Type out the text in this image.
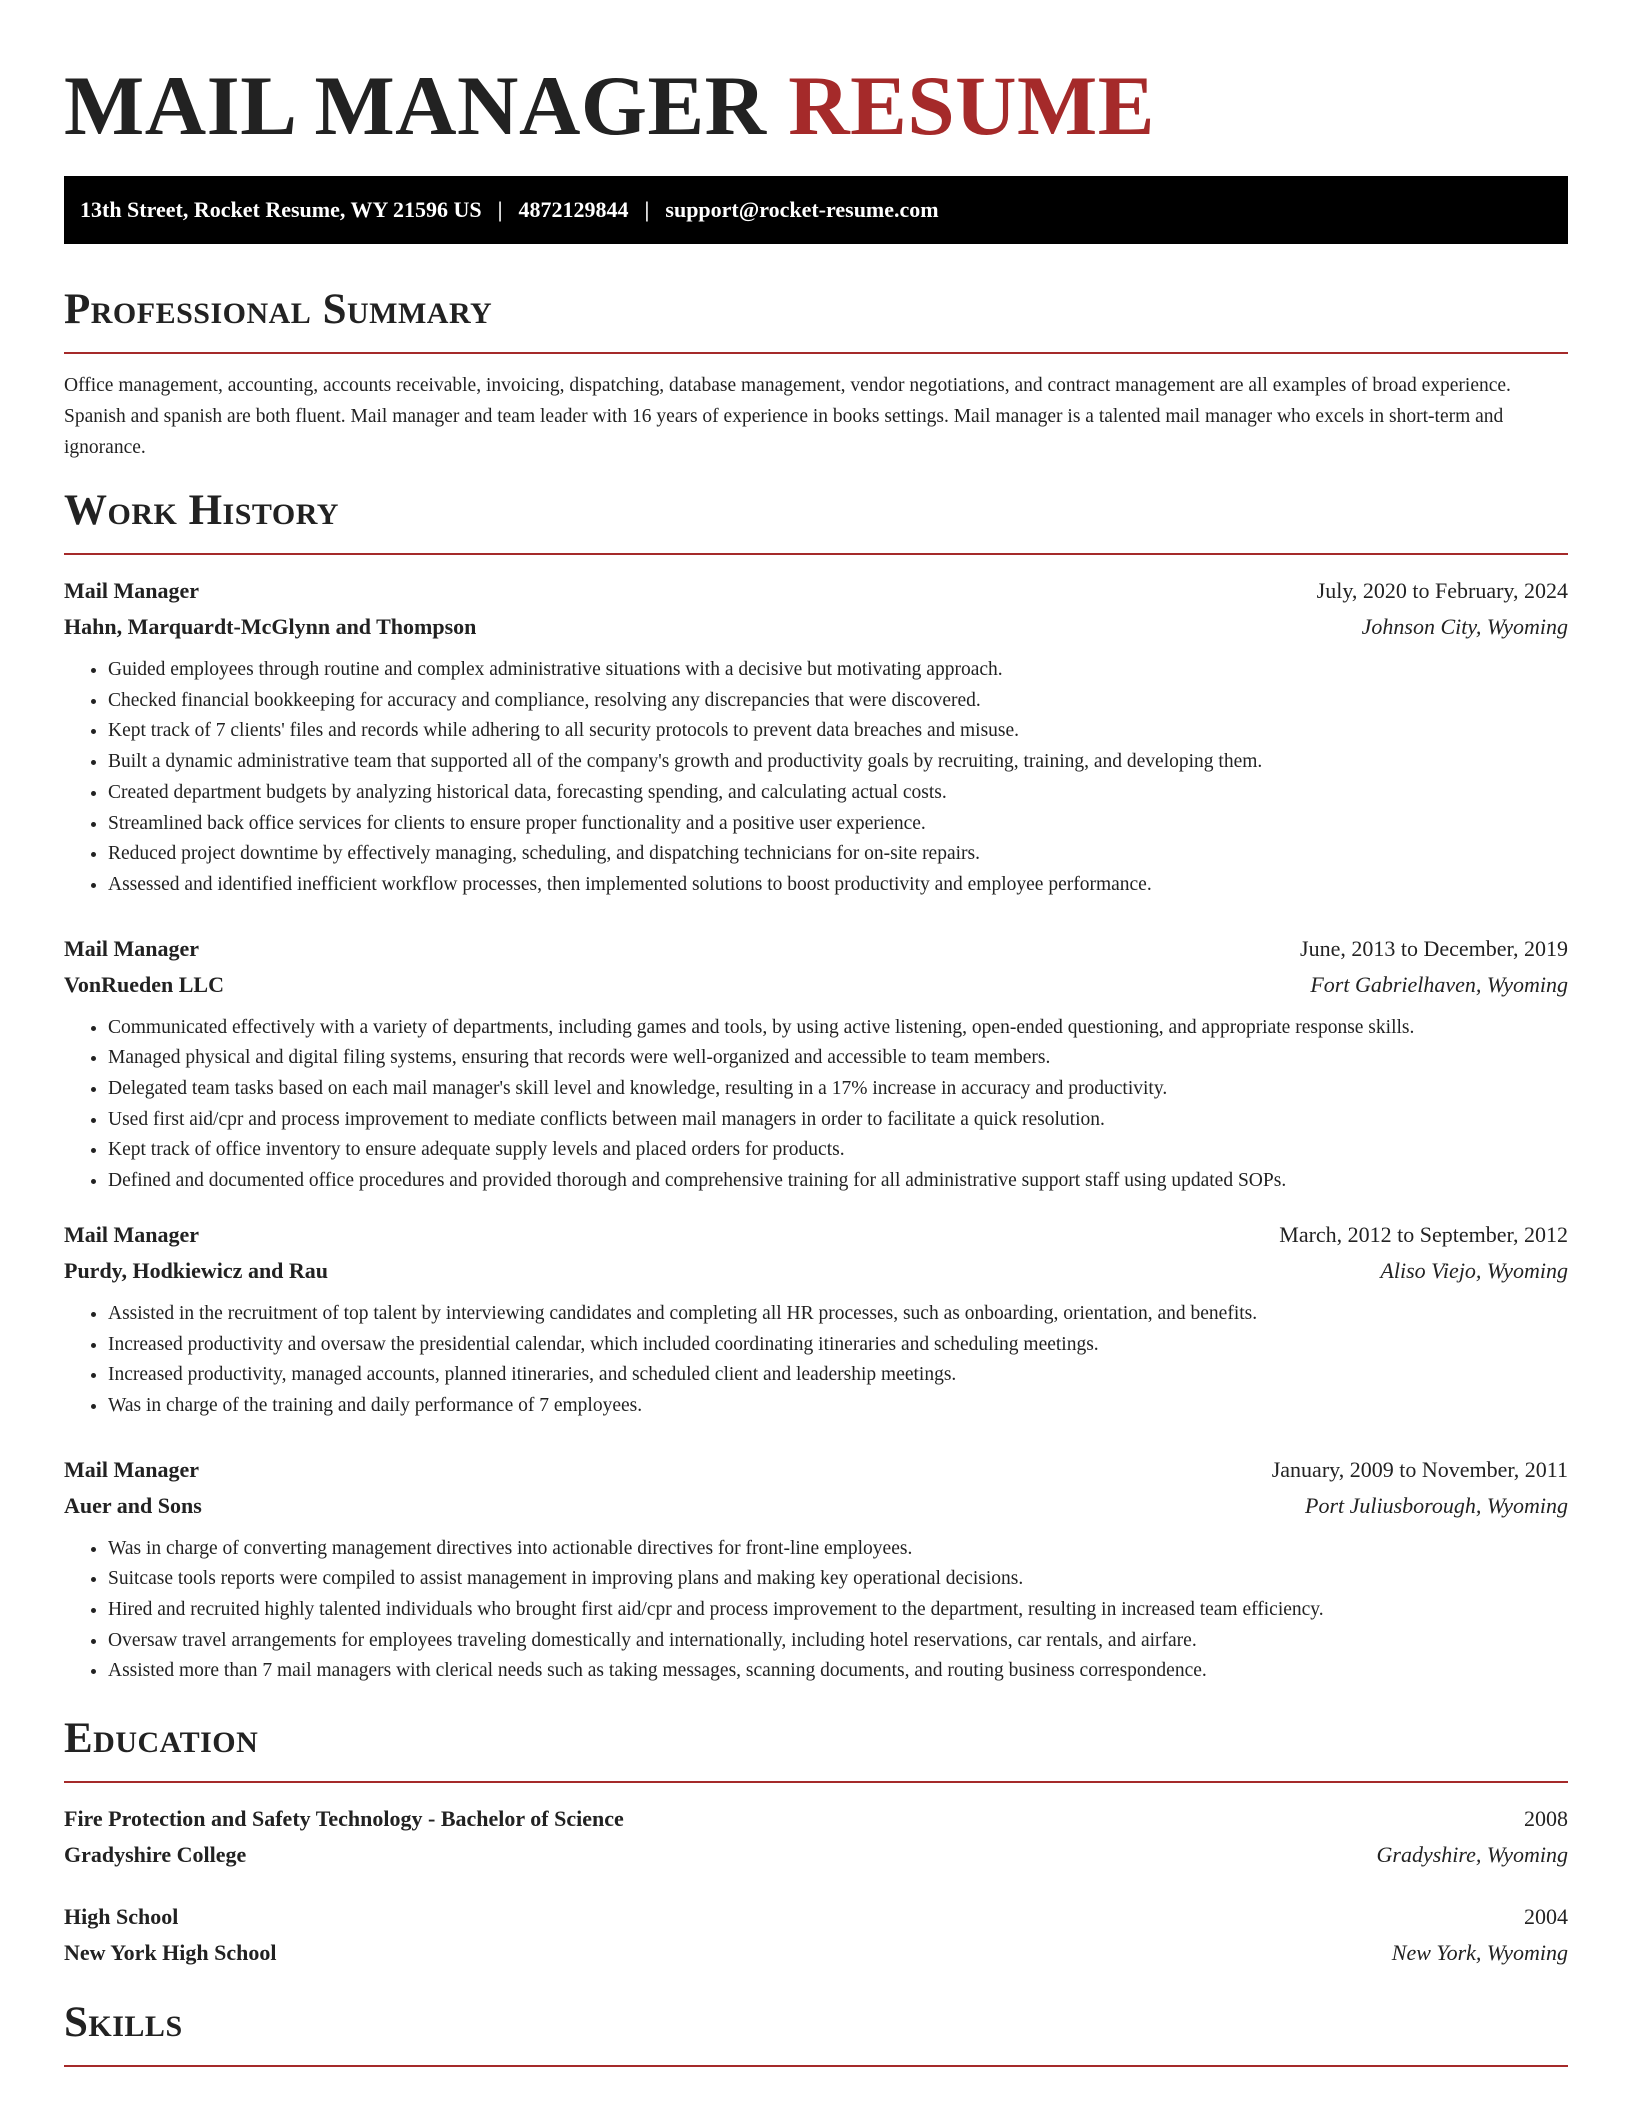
MAIL MANAGER RESUME
13th Street, Rocket Resume, WY 21596 US | 4872129844 | support@rocket-resume.com
Professional Summary

Office management, accounting, accounts receivable, invoicing, dispatching, database management, vendor negotiations, and contract management are all examples of broad experience. Spanish and spanish are both fluent. Mail manager and team leader with 16 years of experience in books settings. Mail manager is a talented mail manager who excels in short-term and ignorance.

Work History
Mail Manager	July, 2020 to February, 2024
Hahn, Marquardt-McGlynn and Thompson	Johnson City, Wyoming
• Guided employees through routine and complex administrative situations with a decisive but motivating approach.
• Checked financial bookkeeping for accuracy and compliance, resolving any discrepancies that were discovered.
• Kept track of 7 clients' files and records while adhering to all security protocols to prevent data breaches and misuse.
• Built a dynamic administrative team that supported all of the company's growth and productivity goals by recruiting, training, and developing them.
• Created department budgets by analyzing historical data, forecasting spending, and calculating actual costs.
• Streamlined back office services for clients to ensure proper functionality and a positive user experience.
• Reduced project downtime by effectively managing, scheduling, and dispatching technicians for on-site repairs.
• Assessed and identified inefficient workflow processes, then implemented solutions to boost productivity and employee performance.
Mail Manager	June, 2013 to December, 2019
VonRueden LLC	Fort Gabrielhaven, Wyoming
• Communicated effectively with a variety of departments, including games and tools, by using active listening, open-ended questioning, and appropriate response skills.
• Managed physical and digital filing systems, ensuring that records were well-organized and accessible to team members.
• Delegated team tasks based on each mail manager's skill level and knowledge, resulting in a 17% increase in accuracy and productivity.
• Used first aid/cpr and process improvement to mediate conflicts between mail managers in order to facilitate a quick resolution.
• Kept track of office inventory to ensure adequate supply levels and placed orders for products.
• Defined and documented office procedures and provided thorough and comprehensive training for all administrative support staff using updated SOPs.
Mail Manager	March, 2012 to September, 2012
Purdy, Hodkiewicz and Rau	Aliso Viejo, Wyoming
• Assisted in the recruitment of top talent by interviewing candidates and completing all HR processes, such as onboarding, orientation, and benefits.
• Increased productivity and oversaw the presidential calendar, which included coordinating itineraries and scheduling meetings.
• Increased productivity, managed accounts, planned itineraries, and scheduled client and leadership meetings.
• Was in charge of the training and daily performance of 7 employees.
Mail Manager	January, 2009 to November, 2011
Auer and Sons	Port Juliusborough, Wyoming
• Was in charge of converting management directives into actionable directives for front-line employees.
• Suitcase tools reports were compiled to assist management in improving plans and making key operational decisions.
• Hired and recruited highly talented individuals who brought first aid/cpr and process improvement to the department, resulting in increased team efficiency.
• Oversaw travel arrangements for employees traveling domestically and internationally, including hotel reservations, car rentals, and airfare.
• Assisted more than 7 mail managers with clerical needs such as taking messages, scanning documents, and routing business correspondence.
Education
Fire Protection and Safety Technology - Bachelor of Science	2008
Gradyshire College	Gradyshire, Wyoming
High School	2004
New York High School	New York, Wyoming
Skills
